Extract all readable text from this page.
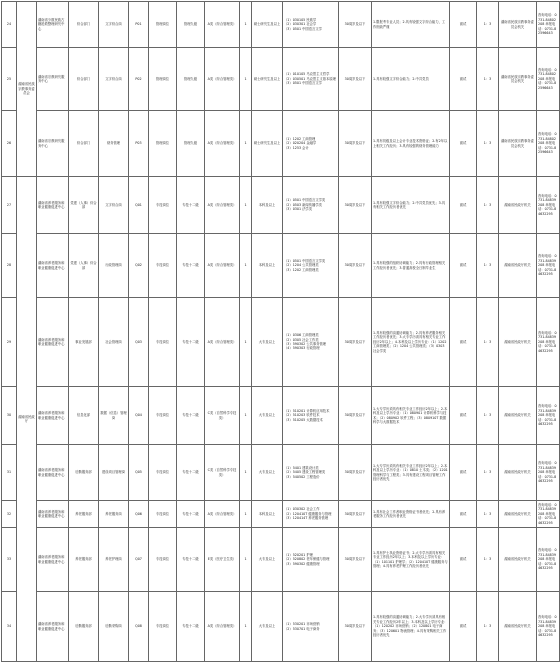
24	湖南省民族宗教事务委员会	湖南省少数民族古籍抢救整理研究中心	综合部门	文字综合岗	P01	管理岗位	管理九级	A类（综合管理类）	1	硕士研究生及以上	（1）030105 民族学
（2）030301 社会学
（3）0501 中国语言文学	30周岁及以下	1.限报考专业人员；2.具有较强文字综合能力，工作细致严谨	面试	1：3	湖南省民族宗教事务委员会机关	咨询电话：0731-84802208 举报电话：0731-82596643
25		湖南省宗教研究服务中心	综合部门	文字综合岗	P02	管理岗位	管理九级	A类（综合管理类）	1	硕士研究生及以上	（1）010105 马克思主义哲学
（2）030501 马克思主义基本原理
（3）0501 中国语言文学	30周岁及以下	1.具有较强文字综合能力；2.中共党员	面试	1：3	湖南省民族宗教事务委员会机关	咨询电话：0731-84802208 举报电话：0731-82596643
26		湖南省宗教研究服务中心	综合部门	财务管理	P03	管理岗位	管理九级	A类（综合管理类）	1	硕士研究生及以上	（1）1202 工商管理
（2）020204 金融学
（3）1253 会计	30周岁及以下	1.具有初级及以上会计专业技术资格证；2.有2年以上相关工作经历；3.具有较强的财务管理能力	面试	1：3	湖南省民族宗教事务委员会机关	咨询电话：0731-84802208 举报电话：0731-82596643
27	湖南省民政厅	湖南省养老服务和职业健康促进中心	党建（人事）综合部	文字综合岗	Q01	专技岗位	专技十二级	A类（综合管理类）	1	本科及以上	（1）0501 中国语言文学类
（2）0503 新闻传播学类
（3）0301 法学类	30周岁及以下	1.具有较强文字综合能力；2.中共党员优先；3.具有相关工作经历者优先	面试	1：3	湖南省民政厅机关	咨询电话：0731-84839208 举报电话：0731-84632295
28		湖南省养老服务和职业健康促进中心	党建（人事）综合部	行政管理岗	Q02	专技岗位	专技十二级	A类（综合管理类）	1	本科及以上	（1）0501 中国语言文学类
（2）1204 公共管理类
（3）1202 工商管理类	30周岁及以下	1.具有较强的组织协调能力；2.具有行政管理相关工作经历者优先；3.普通高校全日制毕业生	面试	1：3	湖南省民政厅机关	咨询电话：0731-84839208 举报电话：0731-84632295
29		湖南省养老服务和职业健康促进中心	事业发展部	社会管理岗	Q03	专技岗位	专技十二级	A类（综合管理类）	1	大专及以上	（1）0306 工商管理类
（2）0305 社会工作类
（3）590302 公共事务管理
（4）590303 行政管理	30周岁及以下	1.具有较强的沟通协调能力；2.具有养老服务相关工作经历者优先；3.大专学历须具有相关专业工作经历2年以上；4.本科及以上学历专业：（1）1202 工商管理类；（2）1204 公共管理类；（3）0303 社会学类	面试	1：3	湖南省民政厅机关	咨询电话：0731-84839208 举报电话：0731-84632295
30		湖南省养老服务和职业健康促进中心	信息化部	数据（信息）管理岗	Q04	专技岗位	专技十二级	C类（自然科学专技类）	1	大专及以上	（1）510201 计算机应用技术
（2）510203 软件技术
（3）510205 大数据技术	30周岁及以下	1.大专学历须具有相关专业工作经历2年以上；2.本科及以上学历专业：（1）080901 计算机科学与技术；（2）080902 软件工程；（3）080910T 数据科学与大数据技术	面试	1：3	湖南省民政厅机关	咨询电话：0731-84839208 举报电话：0731-84632295
31		湖南省养老服务和职业健康促进中心	后勤服务部	建设项目管理岗	Q05	专技岗位	专技十二级	C类（自然科学专技类）	1	大专及以上	（1）5401 建筑设计类
（2）5405 建设工程管理类
（3）540502 工程造价	30周岁及以下	1.大专学历须具有相关专业工作经历2年以上；2.本科及以上学历专业：（1）0810 土木类；（2）1201 管理科学与工程类；3.具有建设工程项目管理工作经历者优先	面试	1：3	湖南省民政厅机关	咨询电话：0731-84839208 举报电话：0731-84632295
32		湖南省养老服务和职业健康促进中心	养老服务部	养老服务岗	Q06	专技岗位	专技十二级	A类（综合管理类）	1	本科及以上	（1）030302 社会工作
（2）120410T 健康服务与管理
（3）120414T 养老服务管理	30周岁及以下	1.具有社会工作者职业资格证书者优先；2.具有养老服务工作经历者优先	面试	1：3	湖南省民政厅机关	咨询电话：0731-84839208 举报电话：0731-84632295
33		湖南省养老服务和职业健康促进中心	养老服务部	养老护理岗	Q07	专技岗位	专技十二级	E类（医疗卫生类）	1	大专及以上	（1）520201 护理
（2）520802 老年保健与管理
（3）590302 健康管理	30周岁及以下	1.具有护士执业资格证书；2.大专学历须具有相关专业工作经历2年以上；3.本科及以上学历专业：（1）101101 护理学；（2）120410T 健康服务与管理；4.具有养老护理工作经历者优先	面试	1：3	湖南省民政厅机关	咨询电话：0731-84839208 举报电话：0731-84632295
34		湖南省养老服务和职业健康促进中心	后勤服务部	后勤采购岗	Q08	专技岗位	专技十二级	A类（综合管理类）	1	大专及以上	（1）530201 市场营销
（2）530701 电子商务	30周岁及以下	1.具有较强的沟通协调能力；2.大专学历须具有相关专业工作经历2年以上；3.本科及以上学历专业：（1）120202 市场营销；（2）120801 电子商务；（3）120601 物流管理；4.具有采购相关工作经历者优先	面试	1：3	湖南省民政厅机关	咨询电话：0731-84839208 举报电话：0731-84632295
